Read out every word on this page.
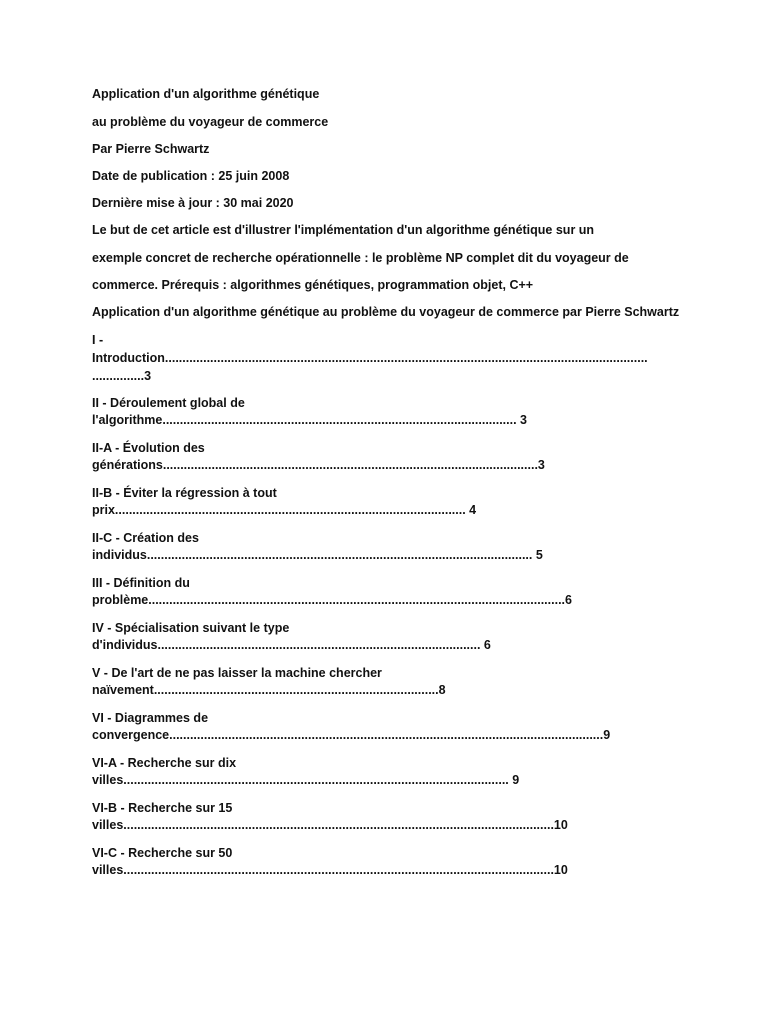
Application d'un algorithme génétique
au problème du voyageur de commerce
Par Pierre Schwartz
Date de publication : 25 juin 2008
Dernière mise à jour : 30 mai 2020
Le but de cet article est d'illustrer l'implémentation d'un algorithme génétique sur un
exemple concret de recherche opérationnelle : le problème NP complet dit du voyageur de
commerce. Prérequis : algorithmes génétiques, programmation objet, C++
Application d'un algorithme génétique au problème du voyageur de commerce par Pierre Schwartz
I -
Introduction...........................................................................................................................................
...............3
II - Déroulement global de
l'algorithme...................................................................................................... 3
II-A - Évolution des
générations............................................................................................................3
II-B - Éviter la régression à tout
prix..................................................................................................... 4
II-C - Création des
individus............................................................................................................... 5
III - Définition du
problème........................................................................................................................6
IV - Spécialisation suivant le type
d'individus............................................................................................. 6
V - De l'art de ne pas laisser la machine chercher
naïvement..................................................................................8
VI - Diagrammes de
convergence.............................................................................................................................9
VI-A - Recherche sur dix
villes............................................................................................................... 9
VI-B - Recherche sur 15
villes............................................................................................................................10
VI-C - Recherche sur 50
villes............................................................................................................................10
